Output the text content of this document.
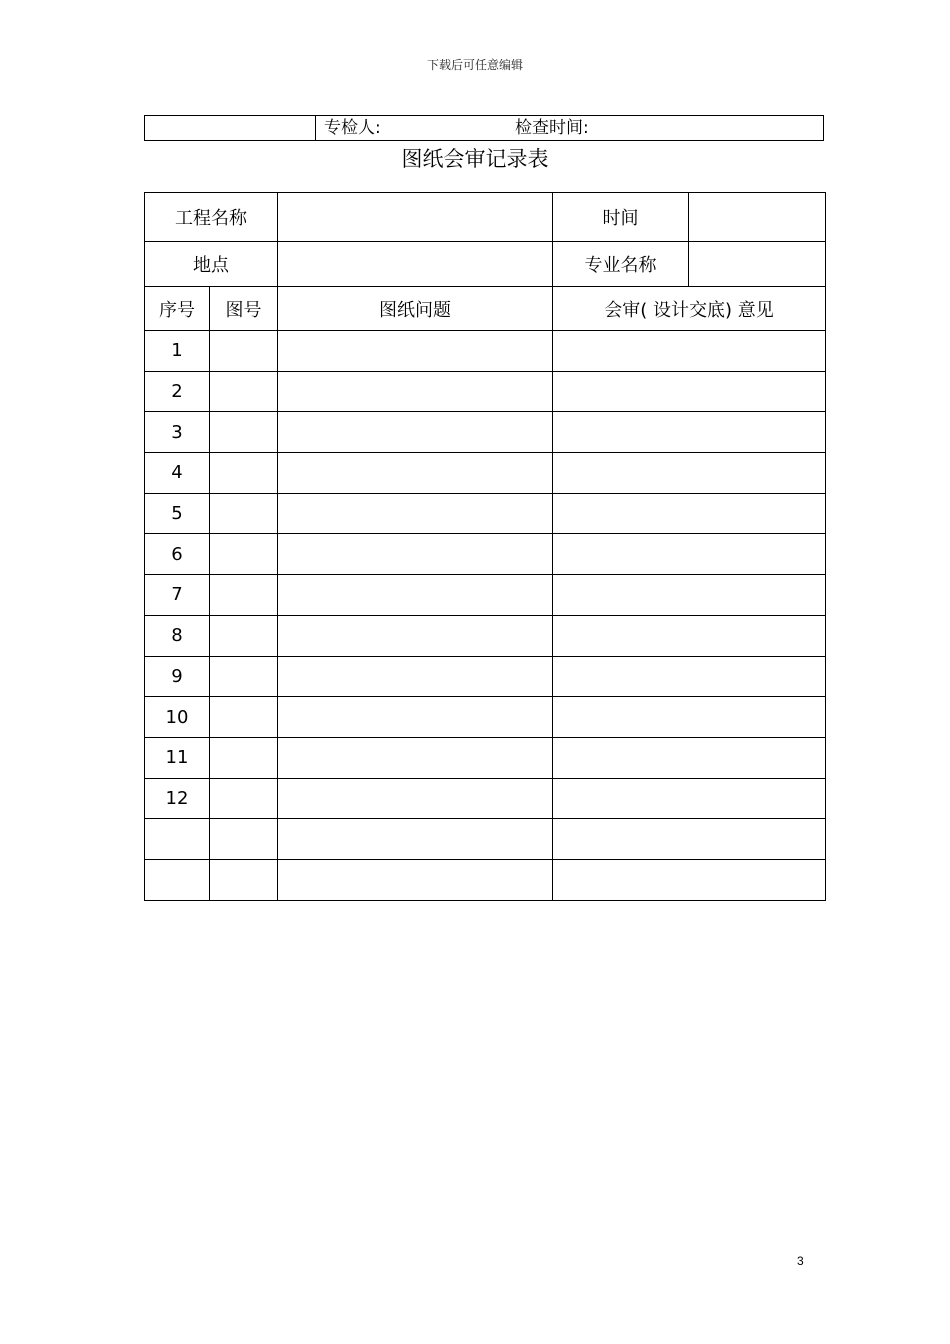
下载后可任意编辑
专检人:	检查时间:
图纸会审记录表
工程名称			时间	
地点			专业名称	
序号	图号	图纸问题	会审( 设计交底) 意见	
1				
2				
3				
4				
5				
6				
7				
8				
9				
10				
11				
12				

3
